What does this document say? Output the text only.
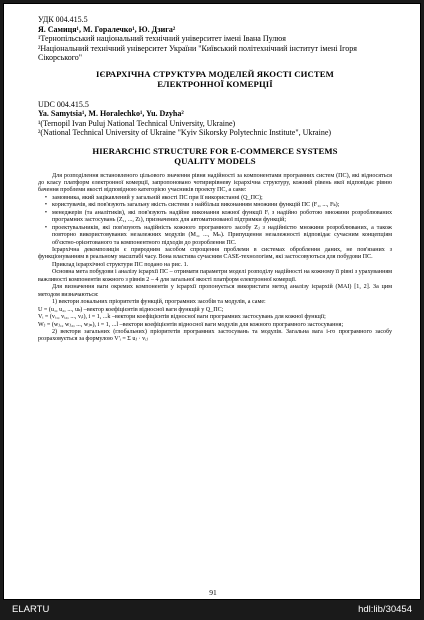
УДК 004.415.5
Я. Самиця¹, М. Горалечко¹, Ю. Дзига²
¹Тернопільський національний технічний університет імені Івана Пулюя
²Національний технічний університет України "Київський політехнічний інститут імені Ігоря Сікорського"
ІЄРАРХІЧНА СТРУКТУРА МОДЕЛЕЙ ЯКОСТІ СИСТЕМ
ЕЛЕКТРОННОЇ КОМЕРЦІЇ
UDC 004.415.5
Ya. Samytsia¹, M. Horalechko¹, Yu. Dzyha²
¹(Ternopil Ivan Puluj National Technical University, Ukraine)
²(National Technical University of Ukraine "Kyiv Sikorsky Polytechnic Institute", Ukraine)
HIERARCHIC STRUCTURE FOR E-COMMERCE SYSTEMS
QUALITY MODELS

Для розподілення встановленого цільового значення рівня надійності за компонентами програмних систем (ПС), які відносяться до класу платформ електронної комерції, запропоновано чотирирівневу ієрархічна структуру, кожний рівень якої відповідає рівню бачення проблеми якості відповідною категорією учасників проекту ПС, а саме:

• замовника, який зацікавлений у загальній якості ПС при її використанні (Q_ПС);
• користувачів, які пов'язують загальну якість системи з найбільш виконанням множини функцій ПС (F₁, ..., Fₖ);
• менеджерів (та аналітиків), які пов'язують надійне виконання кожної функції Fᵢ з надійно роботою множини розроблюваних програмних застосувань (Z₁, ..., Zₗ), призначених для автоматизованої підтримки функцій;
• проектувальників, які пов'язують надійність кожного програмного засобу Zⱼ з надійністю множини розроблюваних, а також повторно використовуваних незалежних модулів (M₁, ..., Mₙ). Припущення незалежності відповідає сучасним концепціям об'єктно-орієнтованого та компонентного підходів до розроблення ПС.

Ієрархічна декомпозиція є природним засобом спрощення проблеми в системах оброблення даних, не пов'язаних з функціонуванням в реальному масштабі часу. Вона властива сучасним CASE-технологіям, які застосовуються для побудови ПС.

Приклад ієрархічної структури ПС подано на рис. 1.

Основна мета побудови і аналізу ієрархії ПС – отримати параметри моделі розподілу надійності на кожному її рівні з урахуванням важливості компонентів кожного з рівнів 2 – 4 для загальної якості платформ електронної комерції.

Для визначення ваги окремих компонентів у ієрархії пропонується використати метод аналізу ієрархій (МАІ) [1, 2]. За цим методом визначаються:

1) вектори локальних пріоритетів функцій, програмних засобів та модулів, а саме:

U = (u₁, u₂, ..., uₖ) –вектор коефіцієнтів відносної ваги функцій у Q_ПС;

Vᵢ = (vᵢ₁, vᵢ₂, ..., vᵢₗ), i = 1, ...k –вектори коефіцієнтів відносної ваги програмних застосувань для кожної функції;

Wⱼ = (wⱼ₁, wⱼ₂, ..., wⱼₙ), i = 1, ...l –вектори коефіцієнтів відносної ваги модулів для кожного програмного застосування;

2) вектори загальних (глобальних) пріоритетів програмних застосувань та модулів. Загальна вага i-го програмного засобу розраховується за формулою V'ᵢ = Σ uⱼ · vᵢⱼ

91
ELARTU	hdl:lib/30454
